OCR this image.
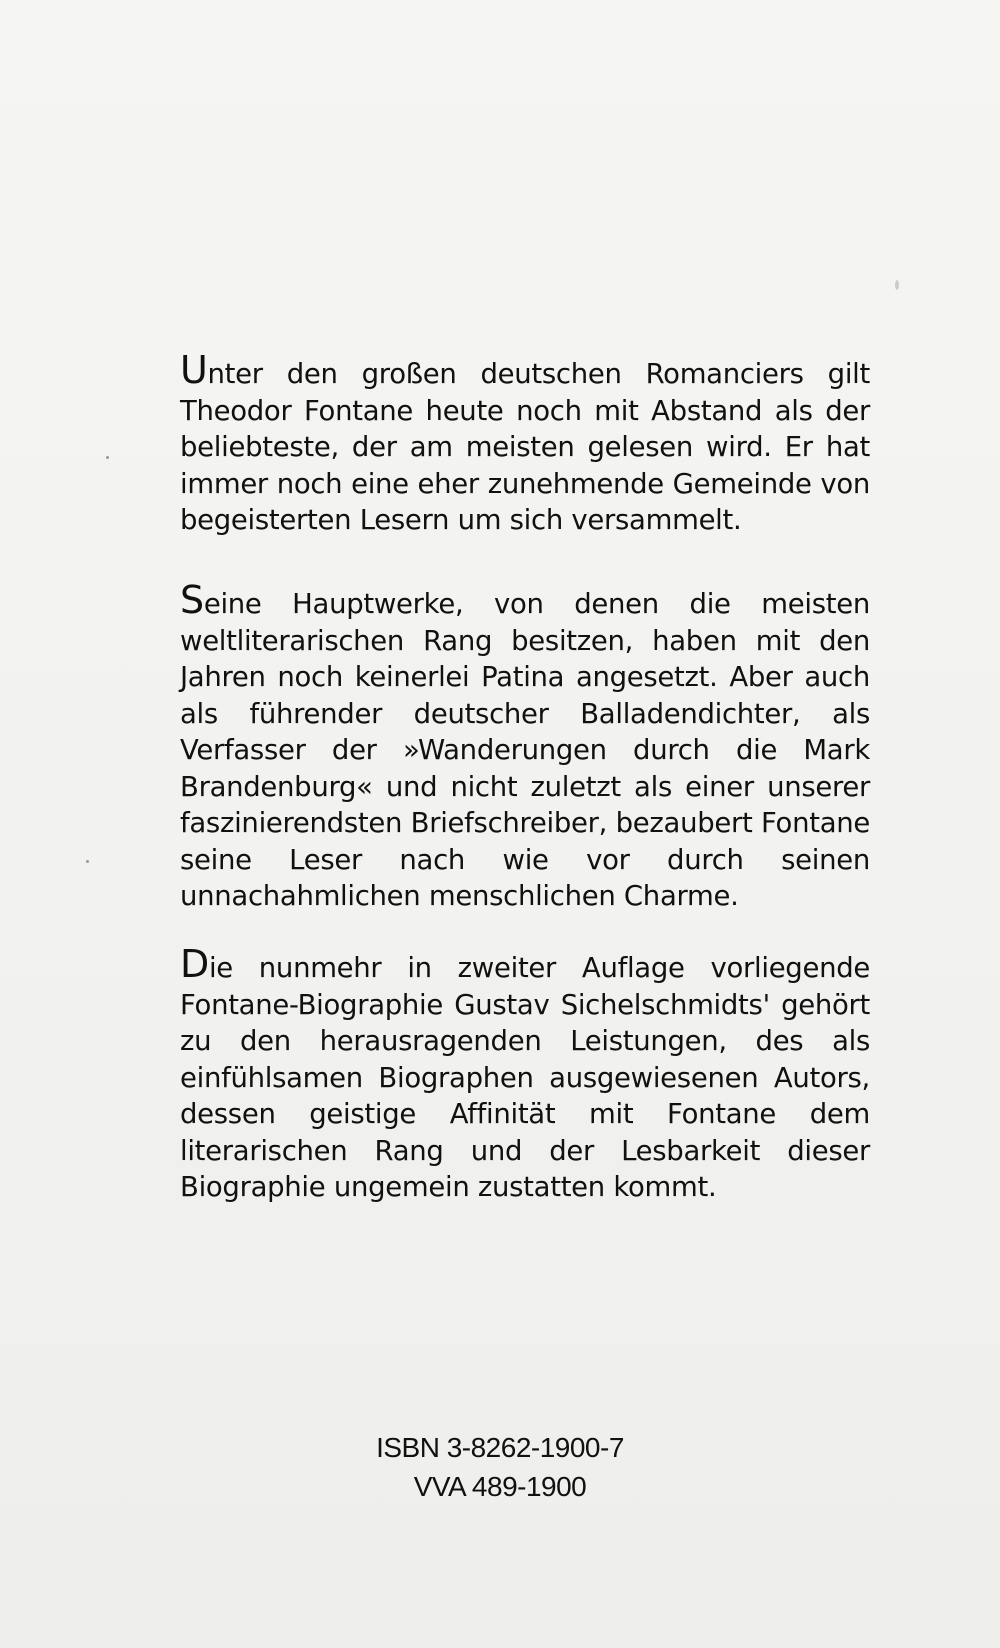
Unter den großen deutschen Romanciers gilt Theodor Fontane heute noch mit Abstand als der beliebteste, der am meisten gelesen wird. Er hat immer noch eine eher zunehmende Gemeinde von begeisterten Lesern um sich versammelt.

Seine Hauptwerke, von denen die meisten weltliterarischen Rang besitzen, haben mit den Jahren noch keinerlei Patina angesetzt. Aber auch als führender deutscher Balladendichter, als Verfasser der »Wanderungen durch die Mark Brandenburg« und nicht zuletzt als einer unserer faszinierendsten Briefschreiber, bezaubert Fontane seine Leser nach wie vor durch seinen unnachahmlichen menschlichen Charme.

Die nunmehr in zweiter Auflage vorliegende Fontane-Biographie Gustav Sichelschmidts' gehört zu den herausragenden Leistungen, des als einfühlsamen Biographen ausgewiesenen Autors, dessen geistige Affinität mit Fontane dem literarischen Rang und der Lesbarkeit dieser Biographie ungemein zustatten kommt.

ISBN 3-8262-1900-7
VVA 489-1900
